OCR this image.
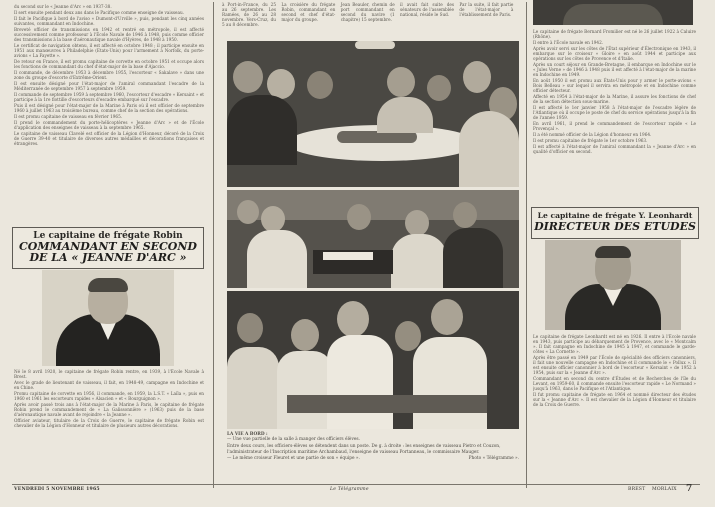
du second sur le « Jeanne d'Arc » en 1937-38.

Il sert ensuite pendant deux ans dans le Pacifique comme enseigne de vaisseau.

Il fait le Pacifique à bord de l'aviso « Dumont-d'Urville », puis, pendant les cinq années suivantes, commandant en Indochine.

Breveté officier de transmissions en 1942 et rentré en métropole, il est affecté successivement comme professeur à l'École Navale de 1946 à 1948, puis comme officier des transmissions à la base d'aéronautique navale d'Hyères, de 1948 à 1950.

Le certificat de navigation obtenu, il est affecté en octobre 1948 ; il participe ensuite en 1951 aux manœuvres à Philadelphie (Etats-Unis) pour l'armement à Norfolk, du porte-avions « La Fayette ».

De retour en France, il est promu capitaine de corvette en octobre 1951 et occupe alors les fonctions de commandant du chef d'état-major de la base d'Ajaccio.

Il commande, de décembre 1953 à décembre 1955, l'escorteur « Sakalave » dans une zone du groupe d'escorte d'Extrême-Orient.

Il est ensuite désigné pour l'état-major de l'amiral commandant l'escadre de la Méditerranée de septembre 1957 à septembre 1959.

Il commande de septembre 1959 à septembre 1960, l'escorteur d'escadre « Kersaint » et participe à la 1re flottille d'escorteurs d'escadre embarqué sur l'escadre.

Puis il est désigné pour l'état-major de la Marine à Paris où il est officier de septembre 1960 à juillet 1963 au troisième bureau, comme chef de la section des opérations.

Il est promu capitaine de vaisseau en février 1965.

Il prend le commandement du porte-hélicoptères « Jeanne d'Arc » et de l'École d'application des enseignes de vaisseau à la septembre 1965.

Le capitaine de vaisseau Clavelé est officier de la Légion d'Honneur, décoré de la Croix de Guerre 39-40 et titulaire de diverses autres médailles et décorations françaises et étrangères.

Le capitaine de frégate Robin
COMMANDANT EN SECOND
DE LA « JEANNE D'ARC »

Né le 8 avril 1920, le capitaine de frégate Robin rentre, en 1939, à l'École Navale à Brest.

Avec le grade de lieutenant de vaisseau, il fait, en 1948-49, campagne en Indochine et en Chine.

Promu capitaine de corvette en 1956, il commande, en 1959, la L.S.T. « Laïla », puis en 1960 et 1961 les escorteurs rapides « Alsacien » et « Bourguignon ».

Après avoir passé trois ans à l'état-major de la Marine à Paris, le capitaine de frégate Robin prend le commandement de « La Galissonnière » (1963) puis de la base d'aéronautique navale avant de rejoindre « la Jeanne ».

Officier aviateur, titulaire de la Croix de Guerre, le capitaine de frégate Robin est chevalier de la Légion d'Honneur et titulaire de plusieurs autres décorations.

à Port-in-France, du 25 au 26 septembre. Les Ramées, de 26 au 28 novembre. Vers-Cruz, du 5 au 8 décembre. La croisière du frégate Robin, commandant en second et chef d'état-major du groupe. Jean Beauler, chemin de port commandant en second du navire (1 chapitre) 15 septembre. il avait fait suite des sénateurs de l'assemblée national, réside le Sud. Par la suite, il fait partie de l'état-major à l'établissement de Paris.
LA VIE A BORD :
— Une vue partielle de la salle à manger des officiers élèves.
Entre deux cours, les officiers-élèves se détendent dans un poste. De g. à droite : les enseignes de vaisseau Pietro et Couzon, l'administrateur de l'Inscription maritime Archambaud, l'enseigne de vaisseau Portanneau, le commissaire Mauger.
— Le même croiseur Fleuret et une partie de son « équipe ».	Photo « Télégramme ».

Le capitaine de frégate Bernard Fromilier est né le 26 juillet 1922 à Caluire (Rhône).

Il entre à l'École navale en 1942.

Après avoir servi sur les côtes de l'État supérieur d'Électronique en 1943, il embarque sur le croiseur « Gloire » en août 1944 et participe aux opérations sur les côtes de Provence et d'Italie.

Après un court séjour en Grande-Bretagne, il embarque en Indochine sur le « Jules Verne » de 1946 à 1948 puis il est affecté à l'état-major de la marine en Indochine en 1949.

En août 1950 il est promu aux États-Unis pour y armer le porte-avions « Bois Belleau » sur lequel il servira en métropole et en Indochine comme officier détecteur.

Affecté en 1954 à l'état-major de la Marine, il assure les fonctions de chef de la section détection sous-marine.

Il est affecté le 1er janvier 1958 à l'état-major de l'escadre légère de l'Atlantique où il occupe le poste de chef du service opérations jusqu'à la fin de l'année 1959.

En avril 1961, il prend le commandement de l'escorteur rapide « Le Provençal ».

Il a été nommé officier de la Légion d'honneur en 1964.

Il est promu capitaine de frégate le 1er octobre 1963.

Il est affecté à l'état-major de l'amiral commandant la « Jeanne d'Arc » en qualité d'officier en second.

Le capitaine de frégate Y. Leonhardt
DIRECTEUR DES ETUDES

Le capitaine de frégate Leonhardt est né en 1926. Il entre à l'École navale en 1943, puis participe au débarquement de Provence, avec le « Montcalm ». Il fait campagne en Indochine de 1945 à 1947, et commande le garde-côtes « La Cornette ».

Après être passé en 1949 par l'École de spécialité des officiers canonniers, il fait une nouvelle campagne en Indochine et il commande le « Pollux ». Il est ensuite officier canonnier à bord de l'escorteur « Kersaint » de 1952 à 1954, puis sur la « Jeanne d'Arc ».

Commandant en second du centre d'Études et de Recherches de l'île du Levant, en 1959-60, il commande ensuite l'escorteur rapide « Le Normand » jusqu'à 1963, dans le Pacifique et l'Atlantique.

Il fut promu capitaine de frégate en 1964 et nommé directeur des études sur la « Jeanne d'Arc ». Il est chevalier de la Légion d'Honneur et titulaire de la Croix de Guerre.

VENDREDI 5 NOVEMBRE 1965	Le Télégramme	BREST MORLAIX 7
